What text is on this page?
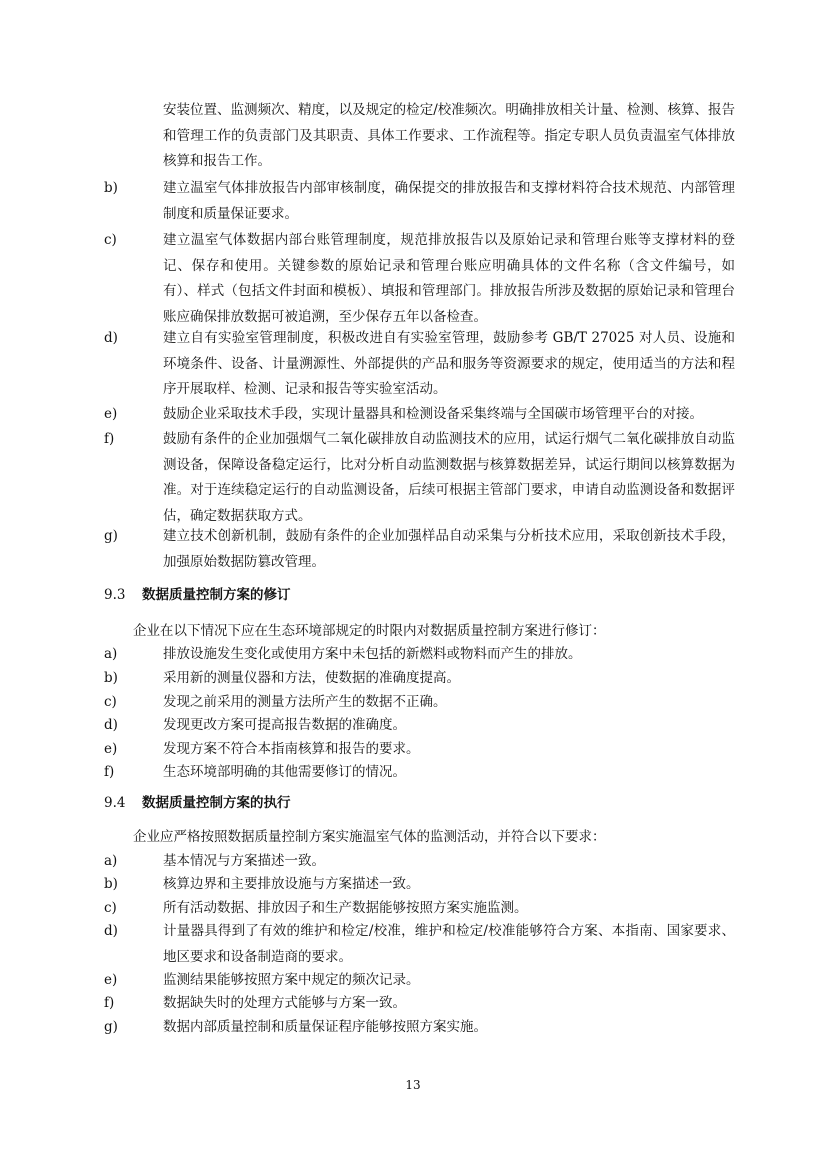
安装位置、监测频次、精度，以及规定的检定/校准频次。明确排放相关计量、检测、核算、报告和管理工作的负责部门及其职责、具体工作要求、工作流程等。指定专职人员负责温室气体排放核算和报告工作。

b)	建立温室气体排放报告内部审核制度，确保提交的排放报告和支撑材料符合技术规范、内部管理制度和质量保证要求。
c)	建立温室气体数据内部台账管理制度，规范排放报告以及原始记录和管理台账等支撑材料的登记、保存和使用。关键参数的原始记录和管理台账应明确具体的文件名称（含文件编号，如有）、样式（包括文件封面和模板）、填报和管理部门。排放报告所涉及数据的原始记录和管理台账应确保排放数据可被追溯，至少保存五年以备检查。
d)	建立自有实验室管理制度，积极改进自有实验室管理，鼓励参考 GB/T 27025 对人员、设施和环境条件、设备、计量溯源性、外部提供的产品和服务等资源要求的规定，使用适当的方法和程序开展取样、检测、记录和报告等实验室活动。
e)	鼓励企业采取技术手段，实现计量器具和检测设备采集终端与全国碳市场管理平台的对接。
f)	鼓励有条件的企业加强烟气二氧化碳排放自动监测技术的应用，试运行烟气二氧化碳排放自动监测设备，保障设备稳定运行，比对分析自动监测数据与核算数据差异，试运行期间以核算数据为准。对于连续稳定运行的自动监测设备，后续可根据主管部门要求，申请自动监测设备和数据评估，确定数据获取方式。
g)	建立技术创新机制，鼓励有条件的企业加强样品自动采集与分析技术应用，采取创新技术手段，加强原始数据防篡改管理。
9.3 数据质量控制方案的修订

企业在以下情况下应在生态环境部规定的时限内对数据质量控制方案进行修订：

a)	排放设施发生变化或使用方案中未包括的新燃料或物料而产生的排放。
b)	采用新的测量仪器和方法，使数据的准确度提高。
c)	发现之前采用的测量方法所产生的数据不正确。
d)	发现更改方案可提高报告数据的准确度。
e)	发现方案不符合本指南核算和报告的要求。
f)	生态环境部明确的其他需要修订的情况。
9.4 数据质量控制方案的执行

企业应严格按照数据质量控制方案实施温室气体的监测活动，并符合以下要求：

a)	基本情况与方案描述一致。
b)	核算边界和主要排放设施与方案描述一致。
c)	所有活动数据、排放因子和生产数据能够按照方案实施监测。
d)	计量器具得到了有效的维护和检定/校准，维护和检定/校准能够符合方案、本指南、国家要求、地区要求和设备制造商的要求。
e)	监测结果能够按照方案中规定的频次记录。
f)	数据缺失时的处理方式能够与方案一致。
g)	数据内部质量控制和质量保证程序能够按照方案实施。
13
